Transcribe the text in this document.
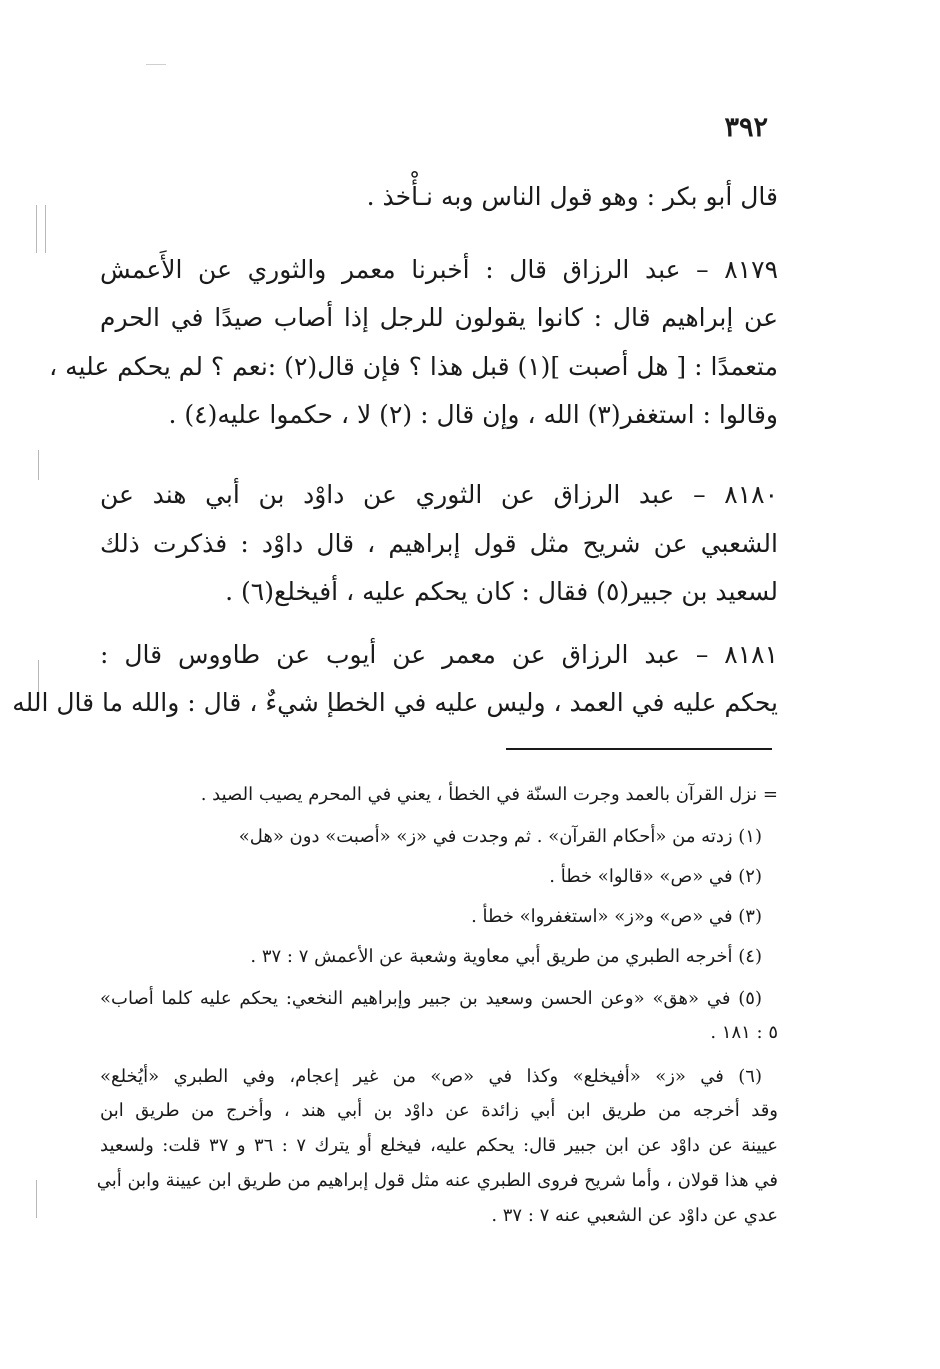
٣٩٢
قال أبو بكر : وهو قول الناس وبه نـأْخذ .
٨١٧٩ – عبد الرزاق قال : أخبرنا معمر والثوري عن الأَعمش
عن إبراهيم قال : كانوا يقولون للرجل إذا أصاب صيدًا في الحرم
متعمدًا : [ هل أصبت ](١) قبل هذا ؟ فإن قال(٢) :نعم ؟ لم يحكم عليه ،
وقالوا : استغفر(٣) الله ، وإن قال : (٢) لا ، حكموا عليه(٤) .
٨١٨٠ – عبد الرزاق عن الثوري عن داوْد بن أبي هند عن
الشعبي عن شريح مثل قول إبراهيم ، قال داوْد : فذكرت ذلك
لسعيد بن جبير(٥) فقال : كان يحكم عليه ، أفيخلع(٦) .
٨١٨١ – عبد الرزاق عن معمر عن أيوب عن طاووس قال :
يحكم عليه في العمد ، وليس عليه في الخطإ شيءٌ ، قال : والله ما قال الله
= نزل القرآن بالعمد وجرت السنّة في الخطأ ، يعني في المحرم يصيب الصيد .
(١) زدته من «أحكام القرآن» . ثم وجدت في «ز» «أصبت» دون «هل»
(٢) في «ص» «قالوا» خطأ .
(٣) في «ص» و«ز» «استغفروا» خطأ .
(٤) أخرجه الطبري من طريق أبي معاوية وشعبة عن الأعمش ٧ : ٣٧ .
(٥) في «هق» «وعن الحسن وسعيد بن جبير وإبراهيم النخعي: يحكم عليه كلما أصاب»
٥ : ١٨١ .
(٦) في «ز» «أفيخلع» وكذا في «ص» من غير إعجام، وفي الطبري «أيُخلع»
وقد أخرجه من طريق ابن أبي زائدة عن داوْد بن أبي هند ، وأخرج من طريق ابن
عيينة عن داوْد عن ابن جبير قال: يحكم عليه، فيخلع أو يترك ٧ : ٣٦ و ٣٧ قلت: ولسعيد
في هذا قولان ، وأما شريح فروى الطبري عنه مثل قول إبراهيم من طريق ابن عيينة وابن أبي
عدي عن داوْد عن الشعبي عنه ٧ : ٣٧ .
